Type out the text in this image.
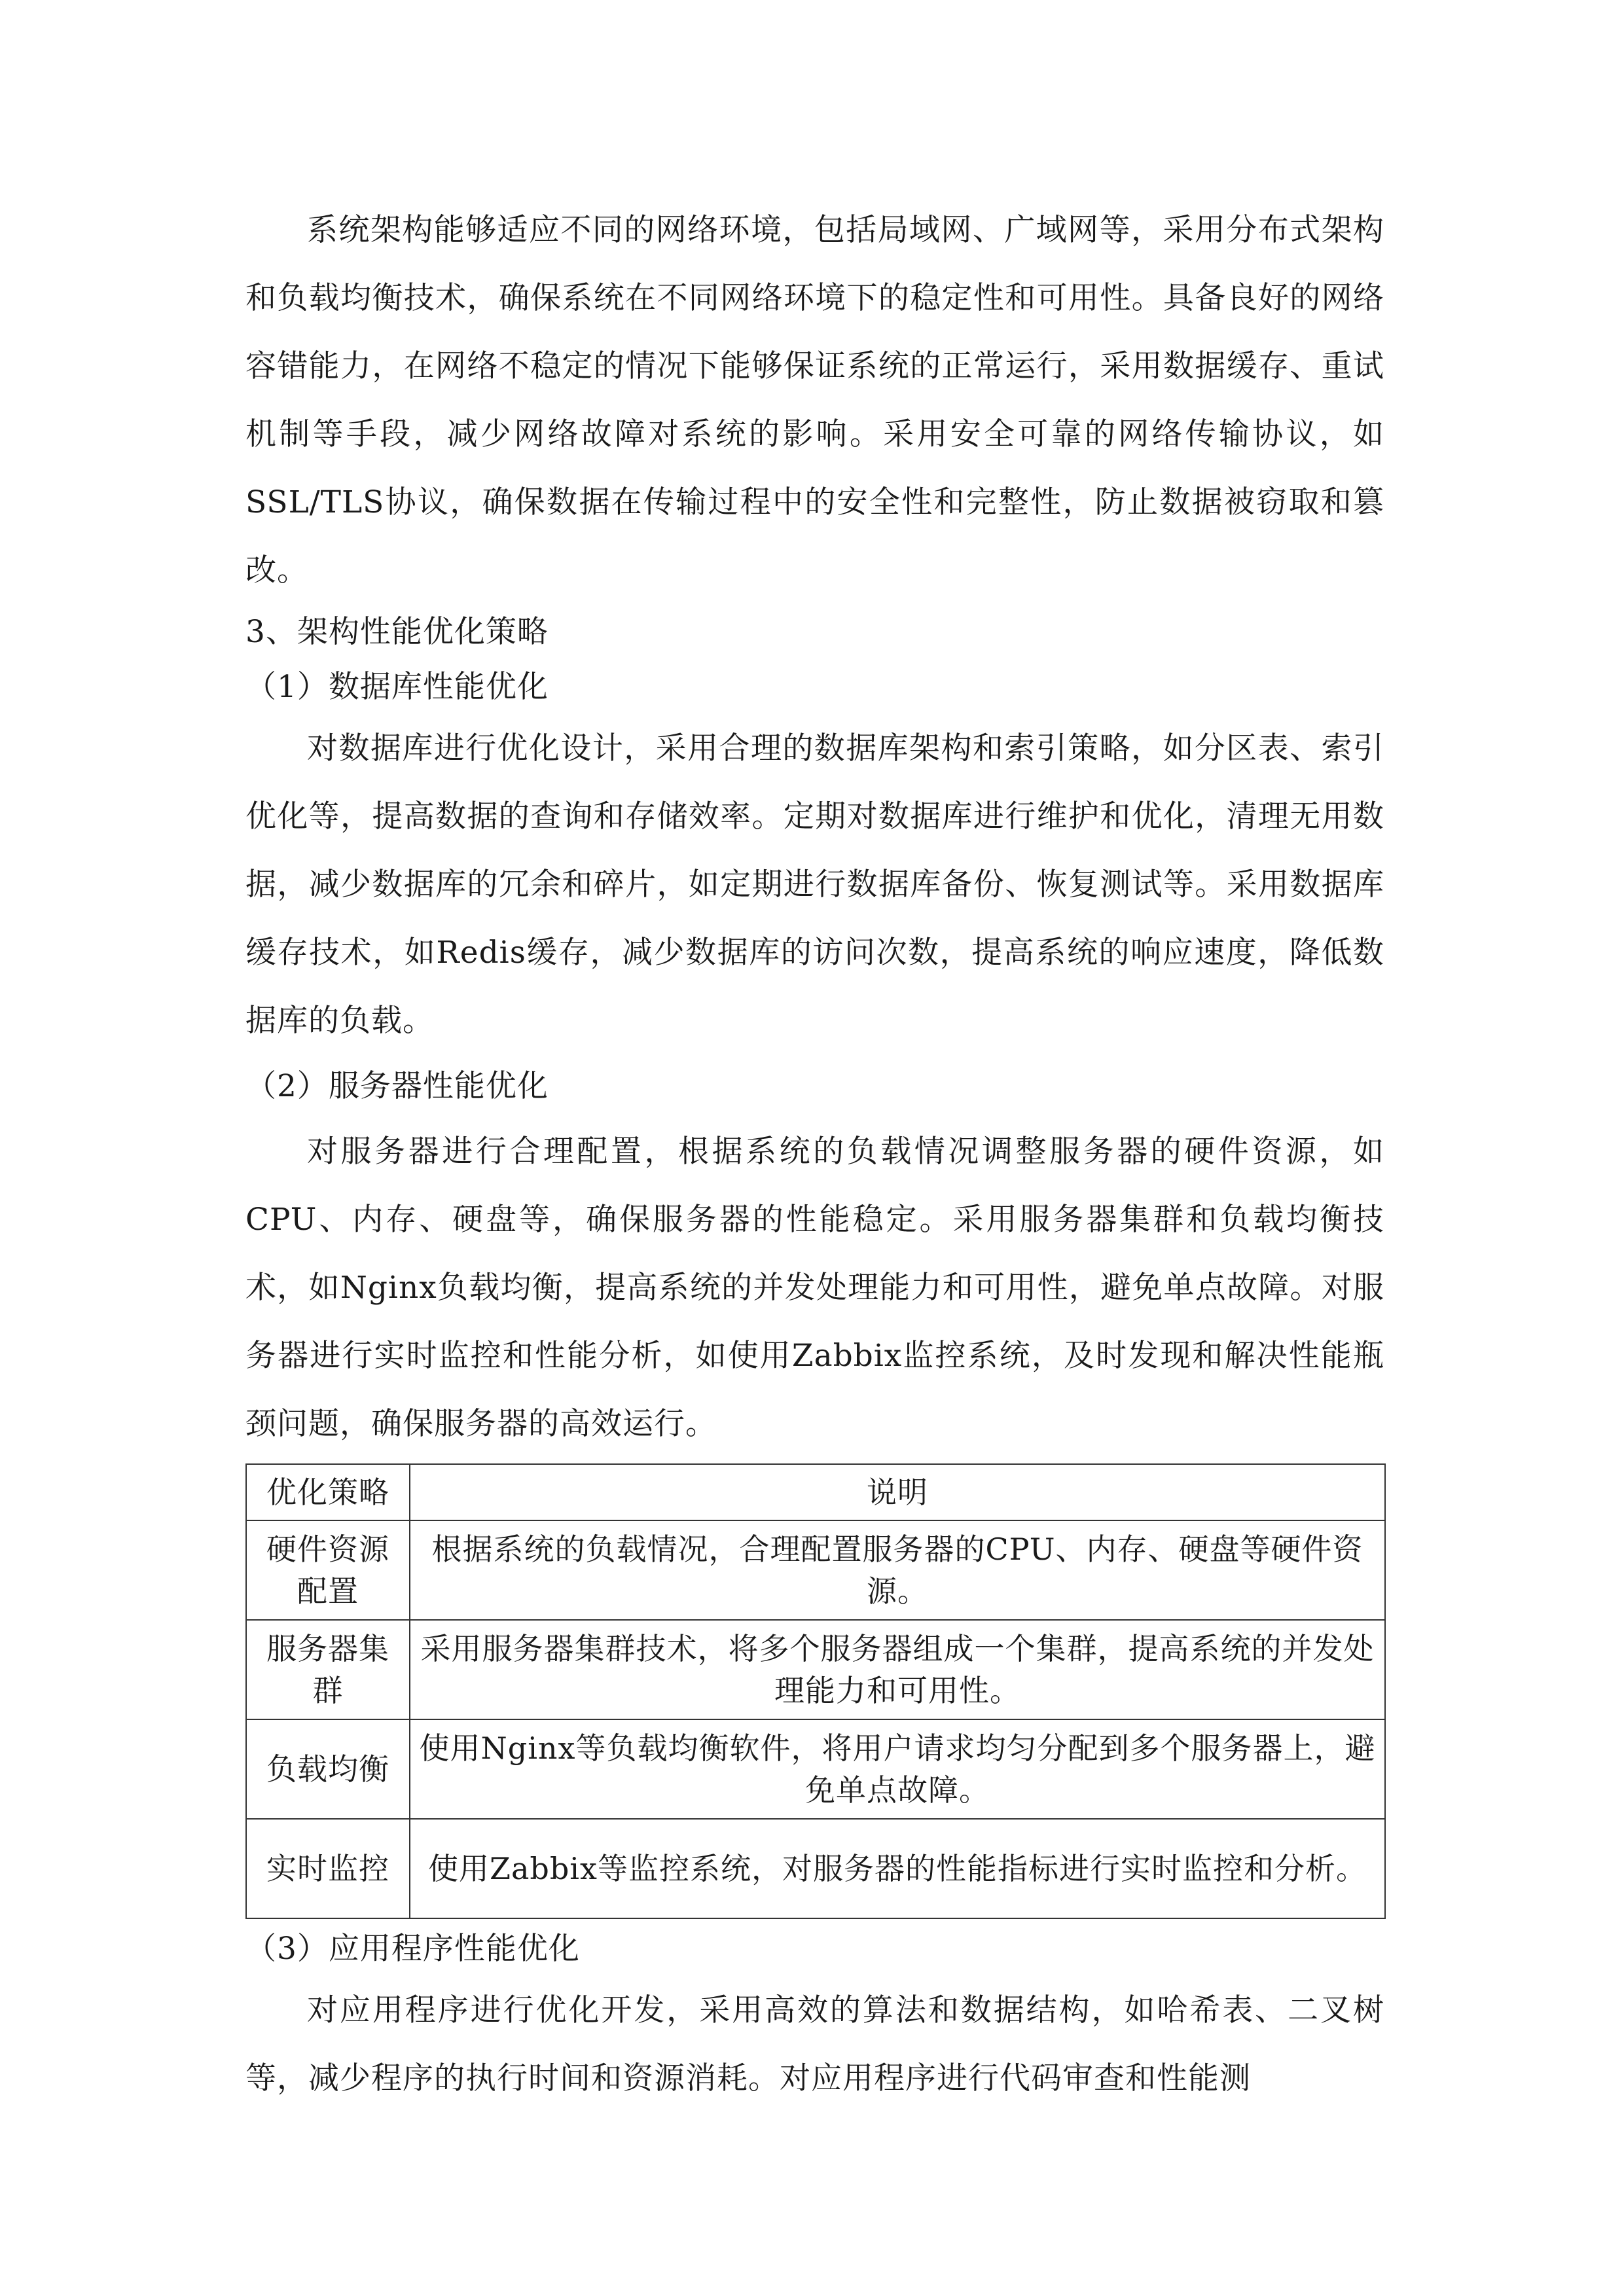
系统架构能够适应不同的网络环境，包括局域网、广域网等，采用分布式架构和负载均衡技术，确保系统在不同网络环境下的稳定性和可用性。具备良好的网络容错能力，在网络不稳定的情况下能够保证系统的正常运行，采用数据缓存、重试机制等手段，减少网络故障对系统的影响。采用安全可靠的网络传输协议，如SSL/TLS协议，确保数据在传输过程中的安全性和完整性，防止数据被窃取和篡改。

3、架构性能优化策略

（1）数据库性能优化

对数据库进行优化设计，采用合理的数据库架构和索引策略，如分区表、索引优化等，提高数据的查询和存储效率。定期对数据库进行维护和优化，清理无用数据，减少数据库的冗余和碎片，如定期进行数据库备份、恢复测试等。采用数据库缓存技术，如Redis缓存，减少数据库的访问次数，提高系统的响应速度，降低数据库的负载。

（2）服务器性能优化

对服务器进行合理配置，根据系统的负载情况调整服务器的硬件资源，如CPU、内存、硬盘等，确保服务器的性能稳定。采用服务器集群和负载均衡技术，如Nginx负载均衡，提高系统的并发处理能力和可用性，避免单点故障。对服务器进行实时监控和性能分析，如使用Zabbix监控系统，及时发现和解决性能瓶颈问题，确保服务器的高效运行。

优化策略	说明
硬件资源配置	根据系统的负载情况，合理配置服务器的CPU、内存、硬盘等硬件资源。
服务器集群	采用服务器集群技术，将多个服务器组成一个集群，提高系统的并发处理能力和可用性。
负载均衡	使用Nginx等负载均衡软件，将用户请求均匀分配到多个服务器上，避免单点故障。
实时监控	使用Zabbix等监控系统，对服务器的性能指标进行实时监控和分析。

（3）应用程序性能优化

对应用程序进行优化开发，采用高效的算法和数据结构，如哈希表、二叉树等，减少程序的执行时间和资源消耗。对应用程序进行代码审查和性能测
